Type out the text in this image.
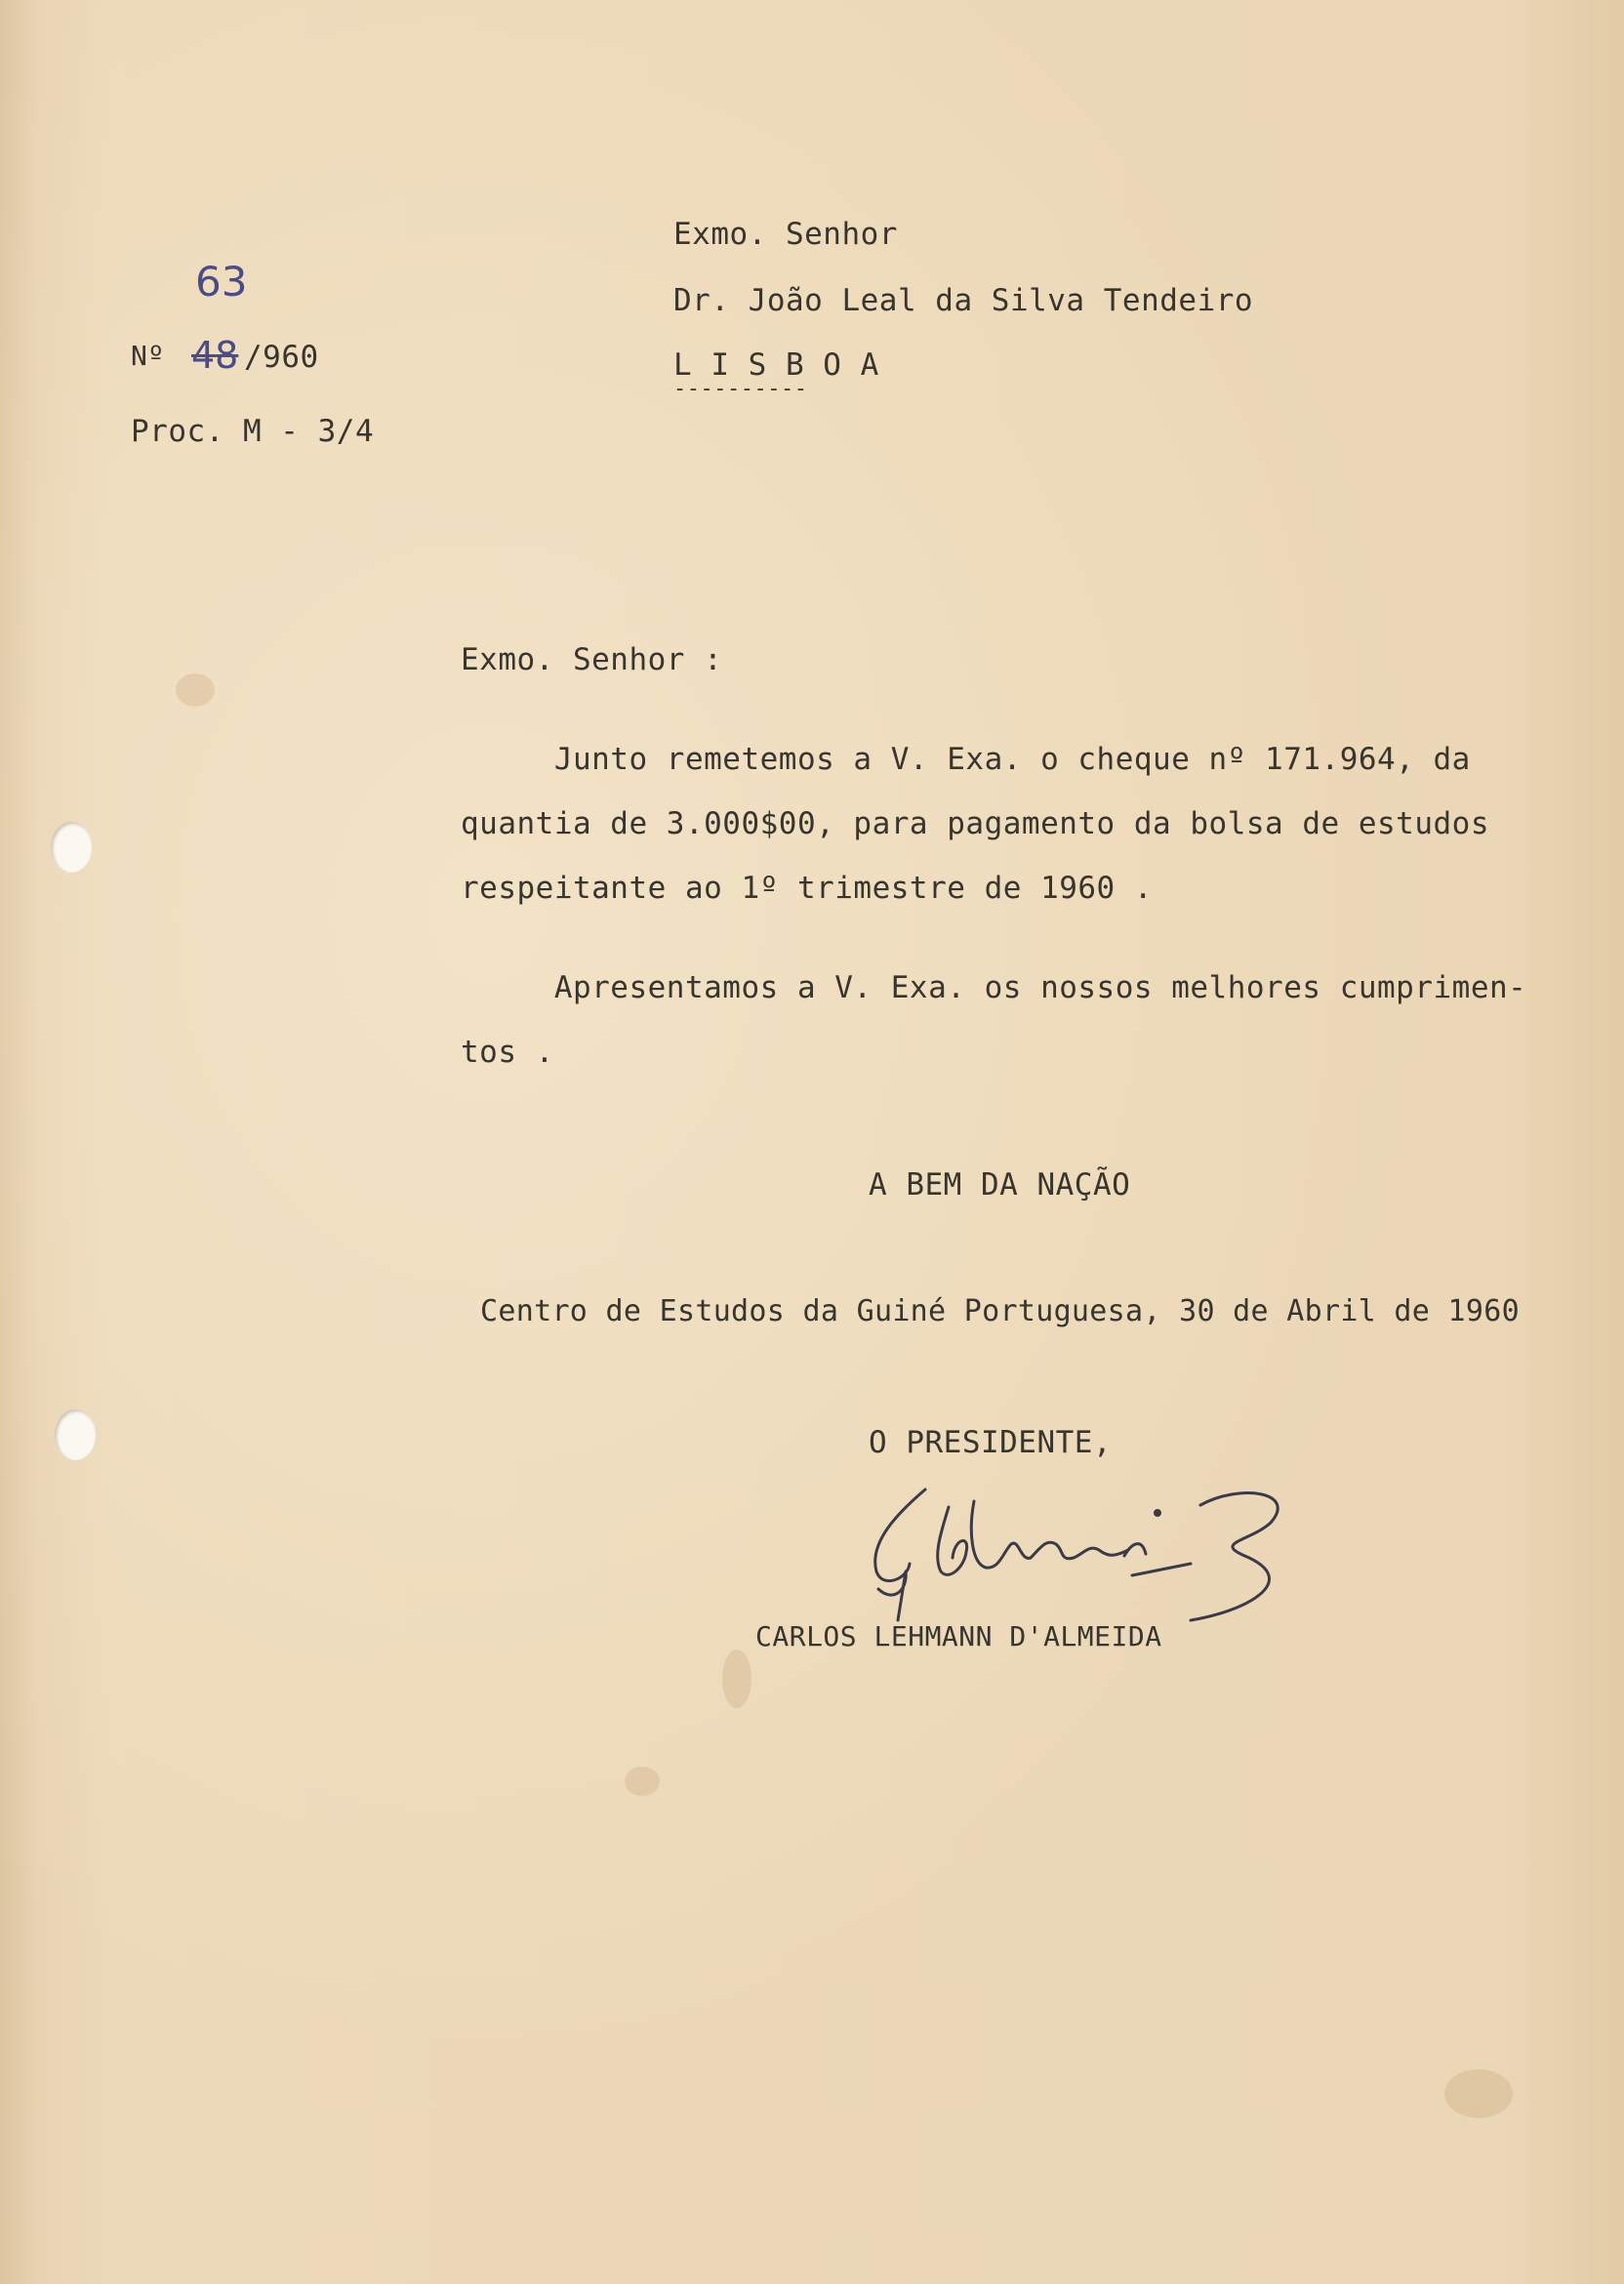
Nº 48

63

/960

Proc. M - 3/4

Exmo. Senhor

Dr. João Leal da Silva Tendeiro

L I S B O A

----------

Exmo. Senhor :

Junto remetemos a V. Exa. o cheque nº 171.964, da

quantia de 3.000$00, para pagamento da bolsa de estudos

respeitante ao 1º trimestre de 1960 .

Apresentamos a V. Exa. os nossos melhores cumprimen-

tos .

A BEM DA NAÇÃO

Centro de Estudos da Guiné Portuguesa, 30 de Abril de 1960

O PRESIDENTE,

CARLOS LEHMANN D'ALMEIDA
